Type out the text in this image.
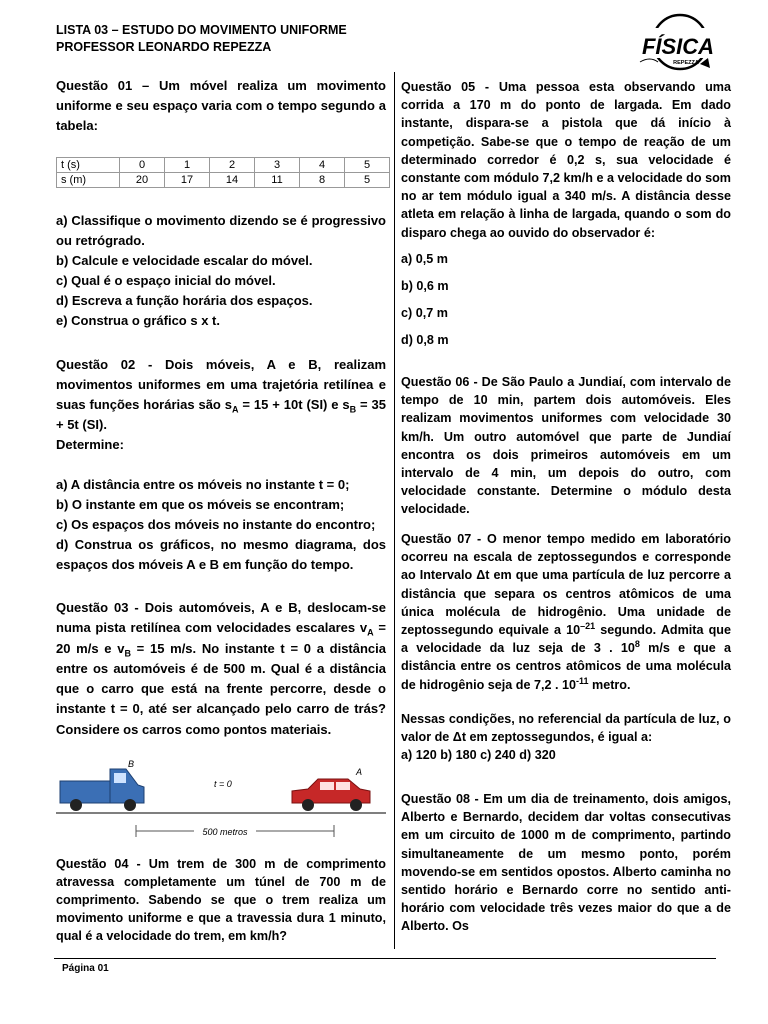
LISTA 03 – ESTUDO DO MOVIMENTO UNIFORME
PROFESSOR LEONARDO REPEZZA	FÍSICA
REPEZZA

Questão 01 – Um móvel realiza um movimento uniforme e seu espaço varia com o tempo segundo a tabela:

t (s)	0	1	2	3	4	5
s (m)	20	17	14	11	8	5

a) Classifique o movimento dizendo se é progressivo ou retrógrado.

b) Calcule e velocidade escalar do móvel.

c) Qual é o espaço inicial do móvel.

d) Escreva a função horária dos espaços.

e) Construa o gráfico s x t.

Questão 02 - Dois móveis, A e B, realizam movimentos uniformes em uma trajetória retilínea e suas funções horárias são $s_A = 15 + 10t$ (SI) e $s_B = 35 + 5t$ (SI).

Determine:

a) A distância entre os móveis no instante t = 0;

b) O instante em que os móveis se encontram;

c) Os espaços dos móveis no instante do encontro;

d) Construa os gráficos, no mesmo diagrama, dos espaços dos móveis A e B em função do tempo.

Questão 03 - Dois automóveis, A e B, deslocam-se numa pista retilínea com velocidades escalares $v_A = 20$ m/s e $v_B = 15$ m/s. No instante t = 0 a distância entre os automóveis é de 500 m. Qual é a distância que o carro que está na frente percorre, desde o instante t = 0, até ser alcançado pelo carro de trás? Considere os carros como pontos materiais.

B
t = 0
A
500 metros

Questão 04 - Um trem de 300 m de comprimento atravessa completamente um túnel de 700 m de comprimento. Sabendo se que o trem realiza um movimento uniforme e que a travessia dura 1 minuto, qual é a velocidade do trem, em km/h?

Questão 05 - Uma pessoa esta observando uma corrida a 170 m do ponto de largada. Em dado instante, dispara-se a pistola que dá início à competição. Sabe-se que o tempo de reação de um determinado corredor é 0,2 s, sua velocidade é constante com módulo 7,2 km/h e a velocidade do som no ar tem módulo igual a 340 m/s. A distância desse atleta em relação à linha de largada, quando o som do disparo chega ao ouvido do observador é:

a) 0,5 m

b) 0,6 m

c) 0,7 m

d) 0,8 m

Questão 06 - De São Paulo a Jundiaí, com intervalo de tempo de 10 min, partem dois automóveis. Eles realizam movimentos uniformes com velocidade 30 km/h. Um outro automóvel que parte de Jundiaí encontra os dois primeiros automóveis em um intervalo de 4 min, um depois do outro, com velocidade constante. Determine o módulo desta velocidade.

Questão 07 - O menor tempo medido em laboratório ocorreu na escala de zeptossegundos e corresponde ao Intervalo Δt em que uma partícula de luz percorre a distância que separa os centros atômicos de uma única molécula de hidrogênio. Uma unidade de zeptossegundo equivale a $10^{-21}$ segundo. Admita que a velocidade da luz seja de 3 . $10^8$ m/s e que a distância entre os centros atômicos de uma molécula de hidrogênio seja de 7,2 . $10^{-11}$ metro.

Nessas condições, no referencial da partícula de luz, o valor de Δt em zeptossegundos, é igual a:

a) 120 b) 180 c) 240 d) 320

Questão 08 - Em um dia de treinamento, dois amigos, Alberto e Bernardo, decidem dar voltas consecutivas em um circuito de 1000 m de comprimento, partindo simultaneamente de um mesmo ponto, porém movendo-se em sentidos opostos. Alberto caminha no sentido horário e Bernardo corre no sentido anti-horário com velocidade três vezes maior do que a de Alberto. Os

Página 01
